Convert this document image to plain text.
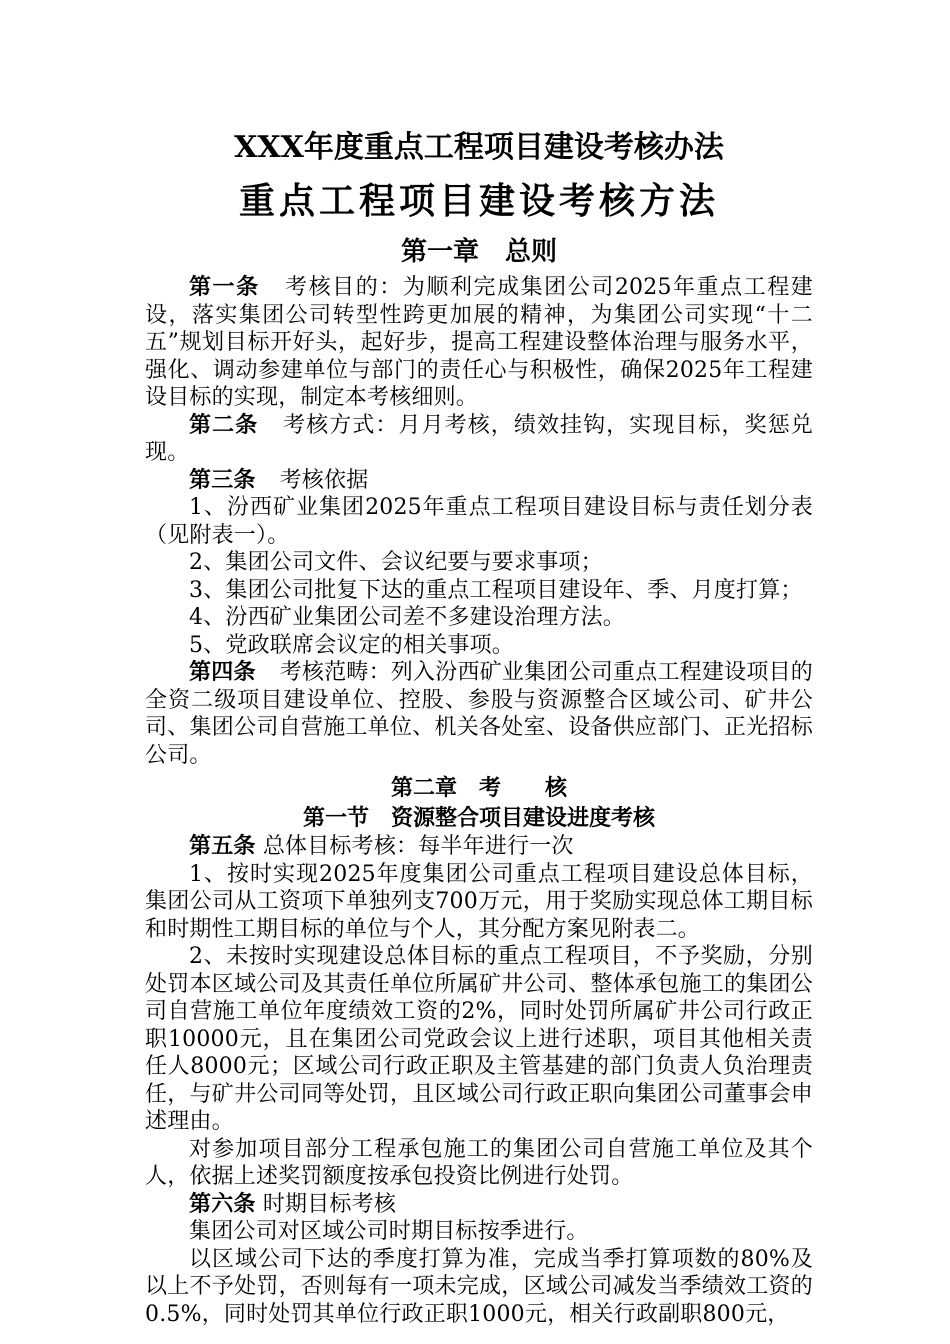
XXX年度重点工程项目建设考核办法
重点工程项目建设考核方法
第一章　总则

第一条 考核目的：为顺利完成集团公司2025年重点工程建设，落实集团公司转型性跨更加展的精神，为集团公司实现“十二五”规划目标开好头，起好步，提高工程建设整体治理与服务水平，强化、调动参建单位与部门的责任心与积极性，确保2025年工程建设目标的实现，制定本考核细则。

第二条 考核方式：月月考核，绩效挂钩，实现目标，奖惩兑现。

第三条 考核依据

1、汾西矿业集团2025年重点工程项目建设目标与责任划分表（见附表一）。

2、集团公司文件、会议纪要与要求事项；

3、集团公司批复下达的重点工程项目建设年、季、月度打算；

4、汾西矿业集团公司差不多建设治理方法。

5、党政联席会议定的相关事项。

第四条 考核范畴：列入汾西矿业集团公司重点工程建设项目的全资二级项目建设单位、控股、参股与资源整合区域公司、矿井公司、集团公司自营施工单位、机关各处室、设备供应部门、正光招标公司。

第二章　考　　核
第一节　资源整合项目建设进度考核

第五条 总体目标考核：每半年进行一次

1、按时实现2025年度集团公司重点工程项目建设总体目标，集团公司从工资项下单独列支700万元，用于奖励实现总体工期目标和时期性工期目标的单位与个人，其分配方案见附表二。

2、未按时实现建设总体目标的重点工程项目，不予奖励，分别处罚本区域公司及其责任单位所属矿井公司、整体承包施工的集团公司自营施工单位年度绩效工资的2%，同时处罚所属矿井公司行政正职10000元，且在集团公司党政会议上进行述职，项目其他相关责任人8000元；区域公司行政正职及主管基建的部门负责人负治理责任，与矿井公司同等处罚，且区域公司行政正职向集团公司董事会申述理由。

对参加项目部分工程承包施工的集团公司自营施工单位及其个人，依据上述奖罚额度按承包投资比例进行处罚。

第六条 时期目标考核

集团公司对区域公司时期目标按季进行。

以区域公司下达的季度打算为准，完成当季打算项数的80%及以上不予处罚，否则每有一项未完成，区域公司减发当季绩效工资的0.5%，同时处罚其单位行政正职1000元，相关行政副职800元，
